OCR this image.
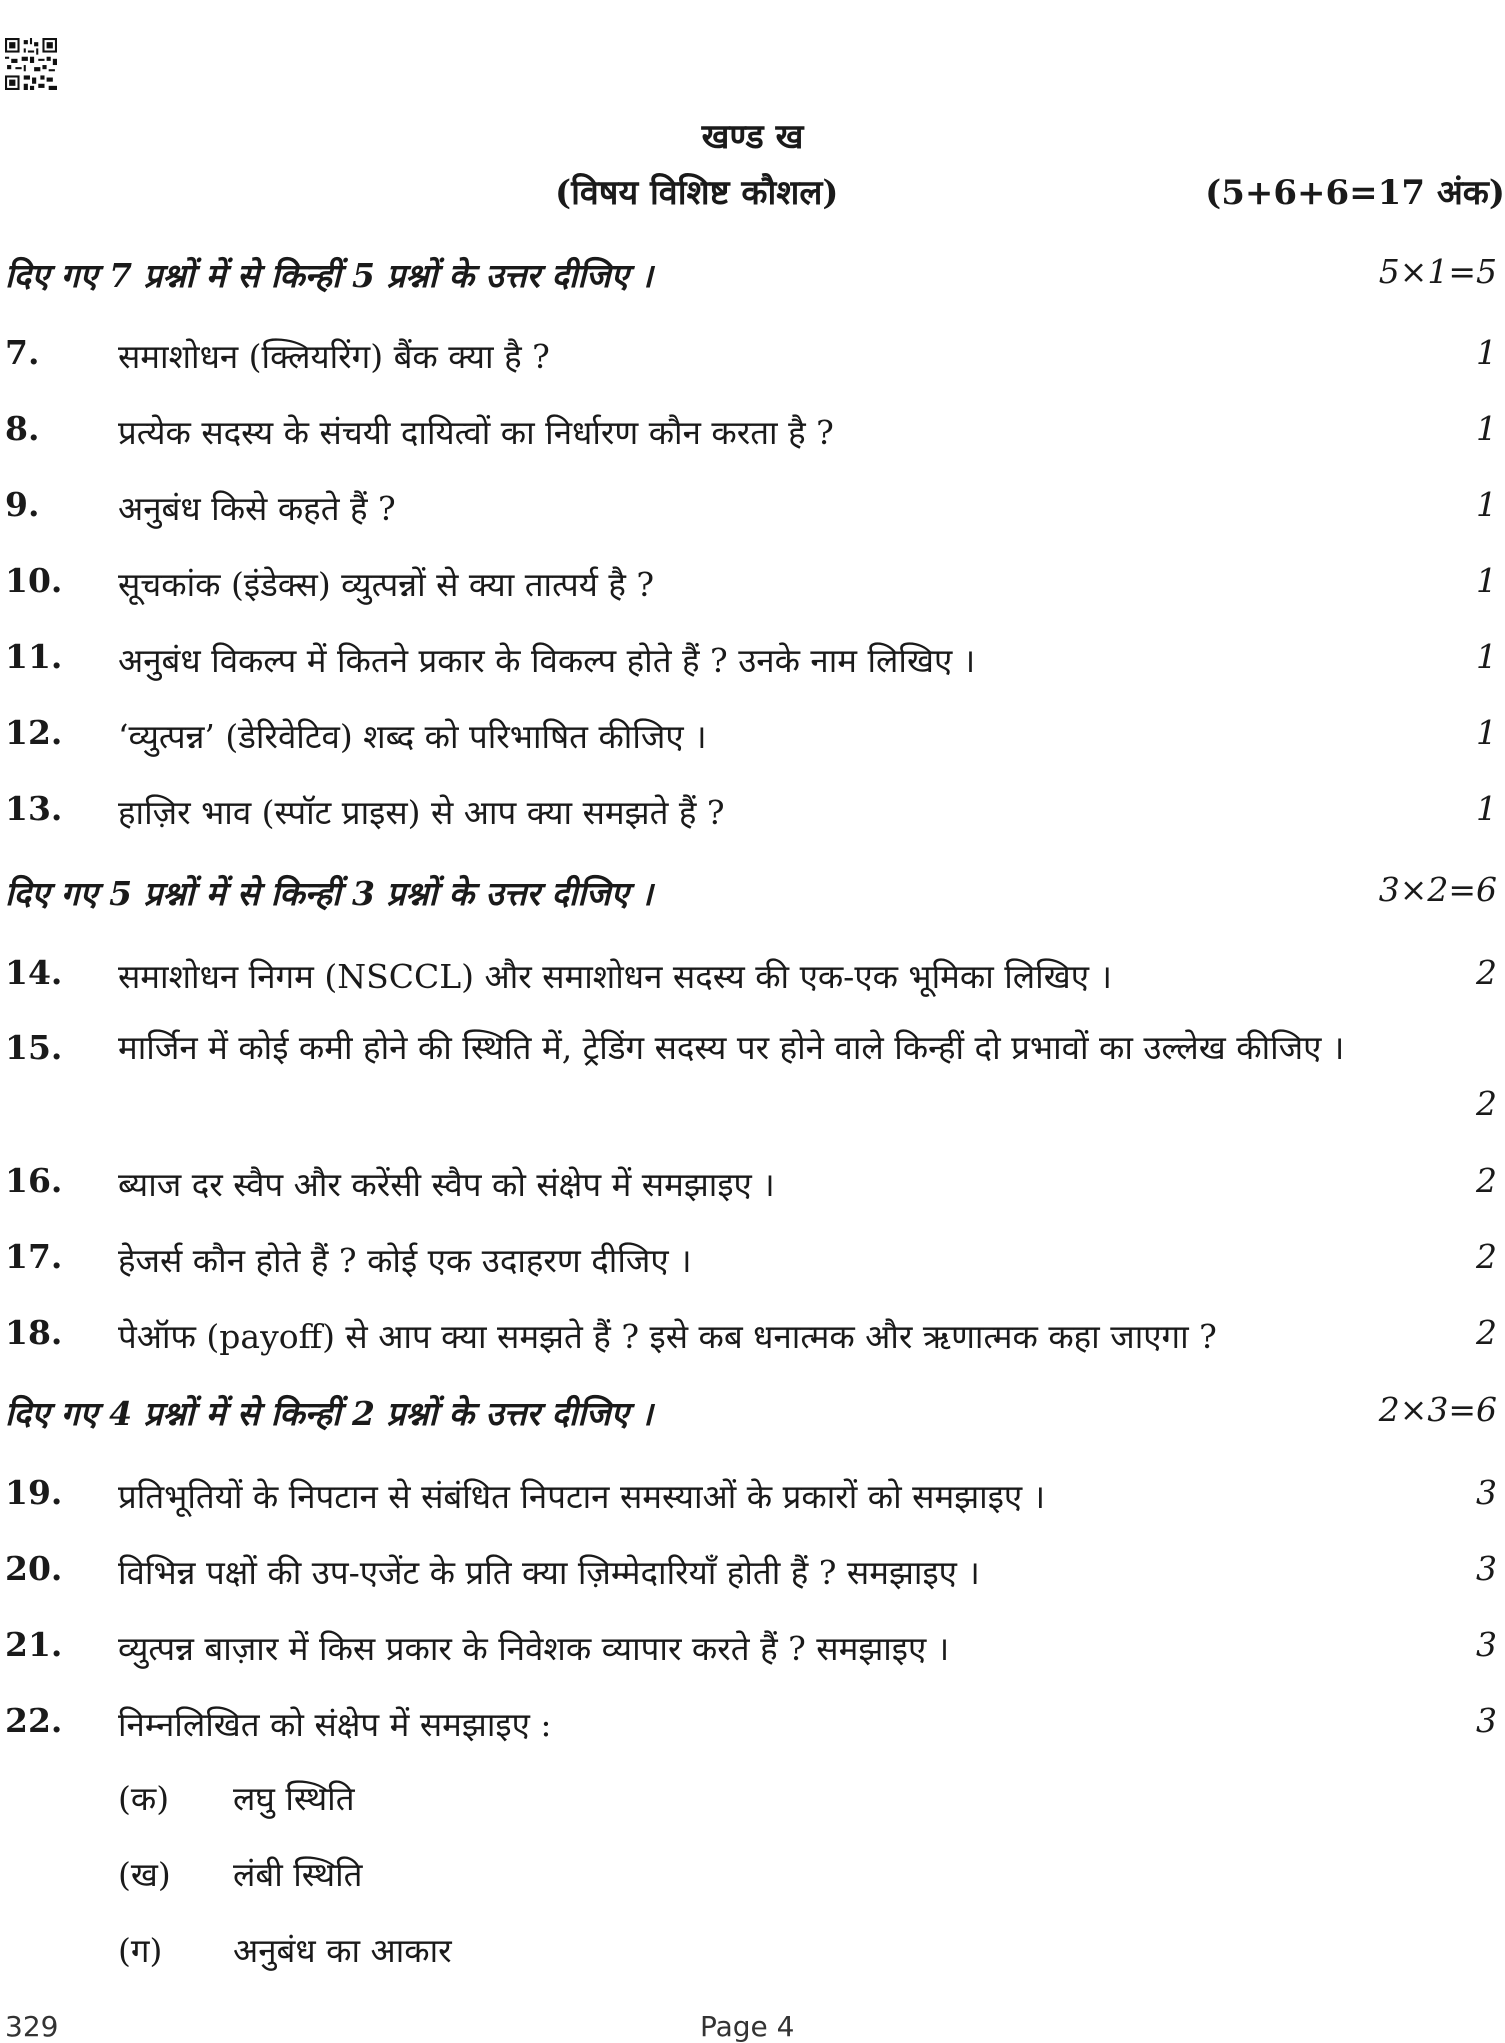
खण्ड ख
(विषय विशिष्ट कौशल)	(5+6+6=17 अंक)
दिए गए 7 प्रश्नों में से किन्हीं 5 प्रश्नों के उत्तर दीजिए ।	5×1=5
7. समाशोधन (क्लियरिंग) बैंक क्या है ?	1
8. प्रत्येक सदस्य के संचयी दायित्वों का निर्धारण कौन करता है ?	1
9. अनुबंध किसे कहते हैं ?	1
10. सूचकांक (इंडेक्स) व्युत्पन्नों से क्या तात्पर्य है ?	1
11. अनुबंध विकल्प में कितने प्रकार के विकल्प होते हैं ? उनके नाम लिखिए ।	1
12. ‘व्युत्पन्न’ (डेरिवेटिव) शब्द को परिभाषित कीजिए ।	1
13. हाज़िर भाव (स्पॉट प्राइस) से आप क्या समझते हैं ?	1
दिए गए 5 प्रश्नों में से किन्हीं 3 प्रश्नों के उत्तर दीजिए ।	3×2=6
14. समाशोधन निगम (NSCCL) और समाशोधन सदस्य की एक-एक भूमिका लिखिए ।	2
15. मार्जिन में कोई कमी होने की स्थिति में, ट्रेडिंग सदस्य पर होने वाले किन्हीं दो प्रभावों का उल्लेख कीजिए ।
2
16. ब्याज दर स्वैप और करेंसी स्वैप को संक्षेप में समझाइए ।	2
17. हेजर्स कौन होते हैं ? कोई एक उदाहरण दीजिए ।	2
18. पेऑफ (payoff) से आप क्या समझते हैं ? इसे कब धनात्मक और ऋणात्मक कहा जाएगा ?	2
दिए गए 4 प्रश्नों में से किन्हीं 2 प्रश्नों के उत्तर दीजिए ।	2×3=6
19. प्रतिभूतियों के निपटान से संबंधित निपटान समस्याओं के प्रकारों को समझाइए ।	3
20. विभिन्न पक्षों की उप-एजेंट के प्रति क्या ज़िम्मेदारियाँ होती हैं ? समझाइए ।	3
21. व्युत्पन्न बाज़ार में किस प्रकार के निवेशक व्यापार करते हैं ? समझाइए ।	3
22. निम्नलिखित को संक्षेप में समझाइए :	3
(क) लघु स्थिति
(ख) लंबी स्थिति
(ग) अनुबंध का आकार
329	Page 4
